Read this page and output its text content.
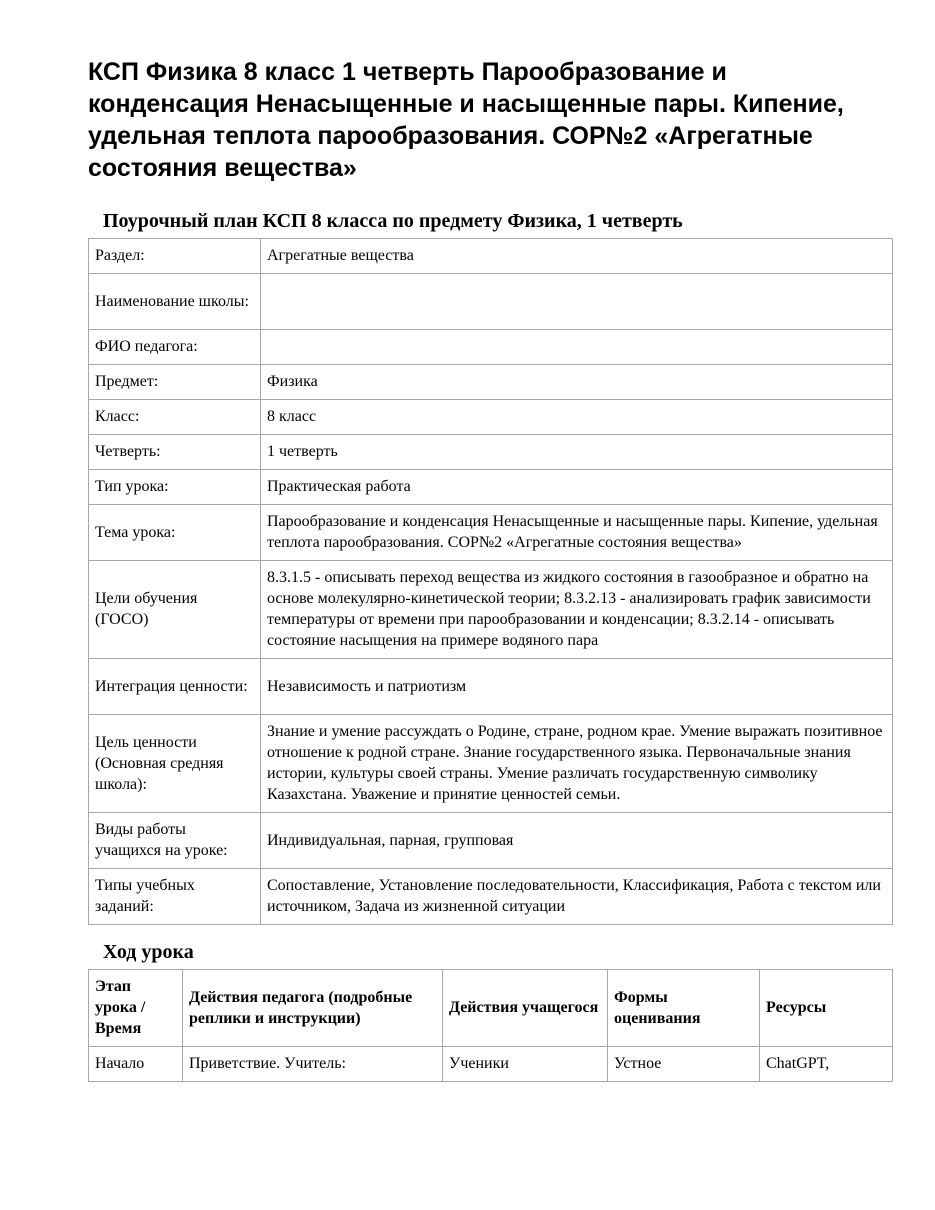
КСП Физика 8 класс 1 четверть Парообразование и конденсация Ненасыщенные и насыщенные пары. Кипение, удельная теплота парообразования. СОР№2 «Агрегатные состояния вещества»
Поурочный план КСП 8 класса по предмету Физика, 1 четверть
Раздел:	Агрегатные вещества
Наименование школы:	
ФИО педагога:	
Предмет:	Физика
Класс:	8 класс
Четверть:	1 четверть
Тип урока:	Практическая работа
Тема урока:	Парообразование и конденсация Ненасыщенные и насыщенные пары. Кипение, удельная теплота парообразования. СОР№2 «Агрегатные состояния вещества»
Цели обучения (ГОСО)	8.3.1.5 - описывать переход вещества из жидкого состояния в газообразное и обратно на основе молекулярно-кинетической теории; 8.3.2.13 - анализировать график зависимости температуры от времени при парообразовании и конденсации; 8.3.2.14 - описывать состояние насыщения на примере водяного пара
Интеграция ценности:	Независимость и патриотизм
Цель ценности (Основная средняя школа):	Знание и умение рассуждать о Родине, стране, родном крае. Умение выражать позитивное отношение к родной стране. Знание государственного языка. Первоначальные знания истории, культуры своей страны. Умение различать государственную символику Казахстана. Уважение и принятие ценностей семьи.
Виды работы учащихся на уроке:	Индивидуальная, парная, групповая
Типы учебных заданий:	Сопоставление, Установление последовательности, Классификация, Работа с текстом или источником, Задача из жизненной ситуации
Ход урока
Этап урока / Время	Действия педагога (подробные реплики и инструкции)	Действия учащегося	Формы оценивания	Ресурсы
Начало	Приветствие. Учитель:	Ученики	Устное	ChatGPT,
